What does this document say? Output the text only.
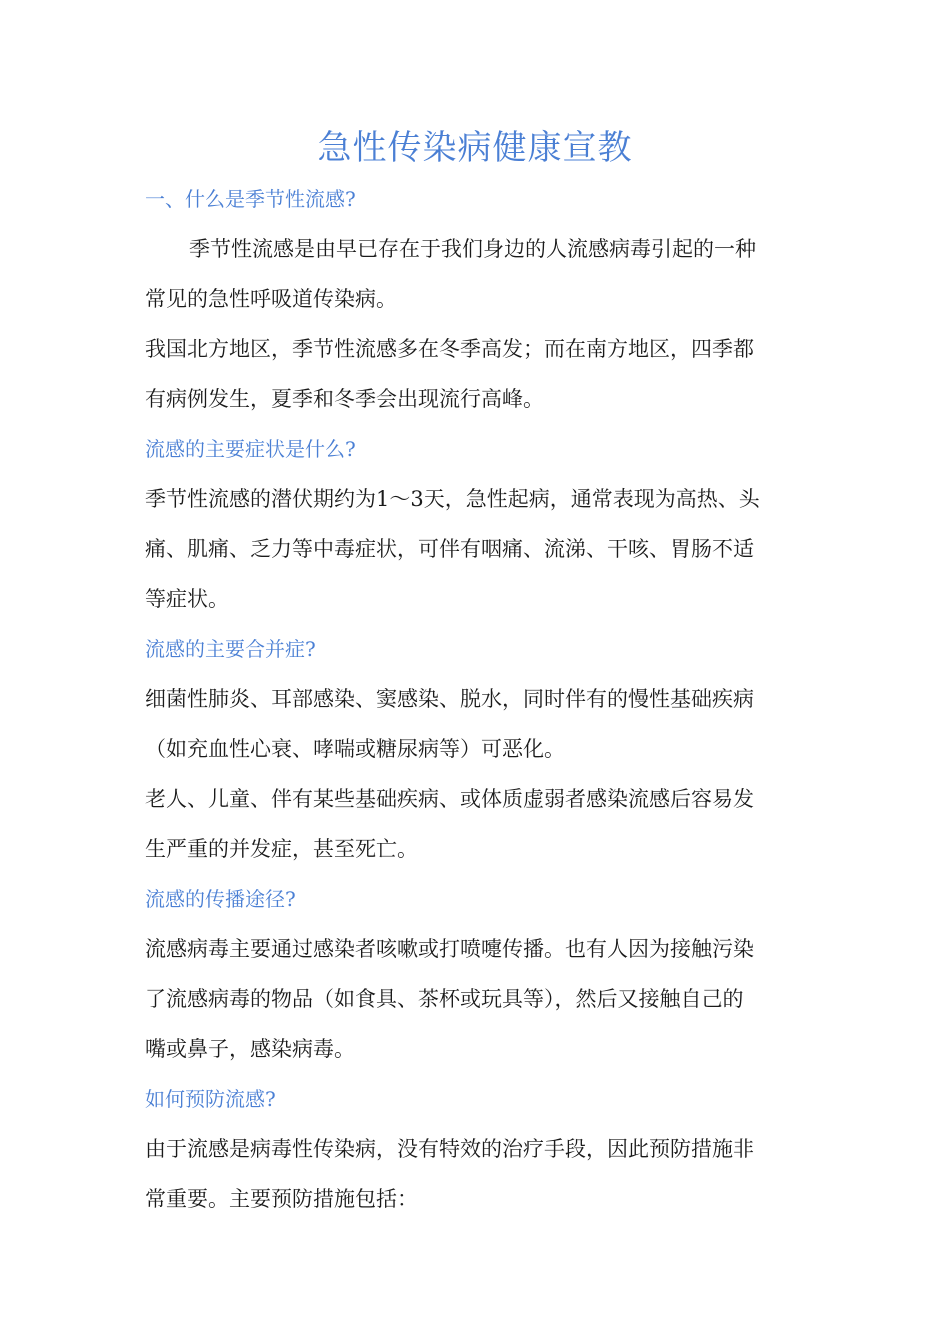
急性传染病健康宣教
一、什么是季节性流感?

季节性流感是由早已存在于我们身边的人流感病毒引起的一种
常见的急性呼吸道传染病。

我国北方地区，季节性流感多在冬季高发；而在南方地区，四季都
有病例发生，夏季和冬季会出现流行高峰。

流感的主要症状是什么?

季节性流感的潜伏期约为1～3天，急性起病，通常表现为高热、头
痛、肌痛、乏力等中毒症状，可伴有咽痛、流涕、干咳、胃肠不适
等症状。

流感的主要合并症?

细菌性肺炎、耳部感染、窦感染、脱水，同时伴有的慢性基础疾病
（如充血性心衰、哮喘或糖尿病等）可恶化。

老人、儿童、伴有某些基础疾病、或体质虚弱者感染流感后容易发
生严重的并发症，甚至死亡。

流感的传播途径?

流感病毒主要通过感染者咳嗽或打喷嚏传播。也有人因为接触污染
了流感病毒的物品（如食具、茶杯或玩具等），然后又接触自己的
嘴或鼻子，感染病毒。

如何预防流感?

由于流感是病毒性传染病，没有特效的治疗手段，因此预防措施非
常重要。主要预防措施包括：
